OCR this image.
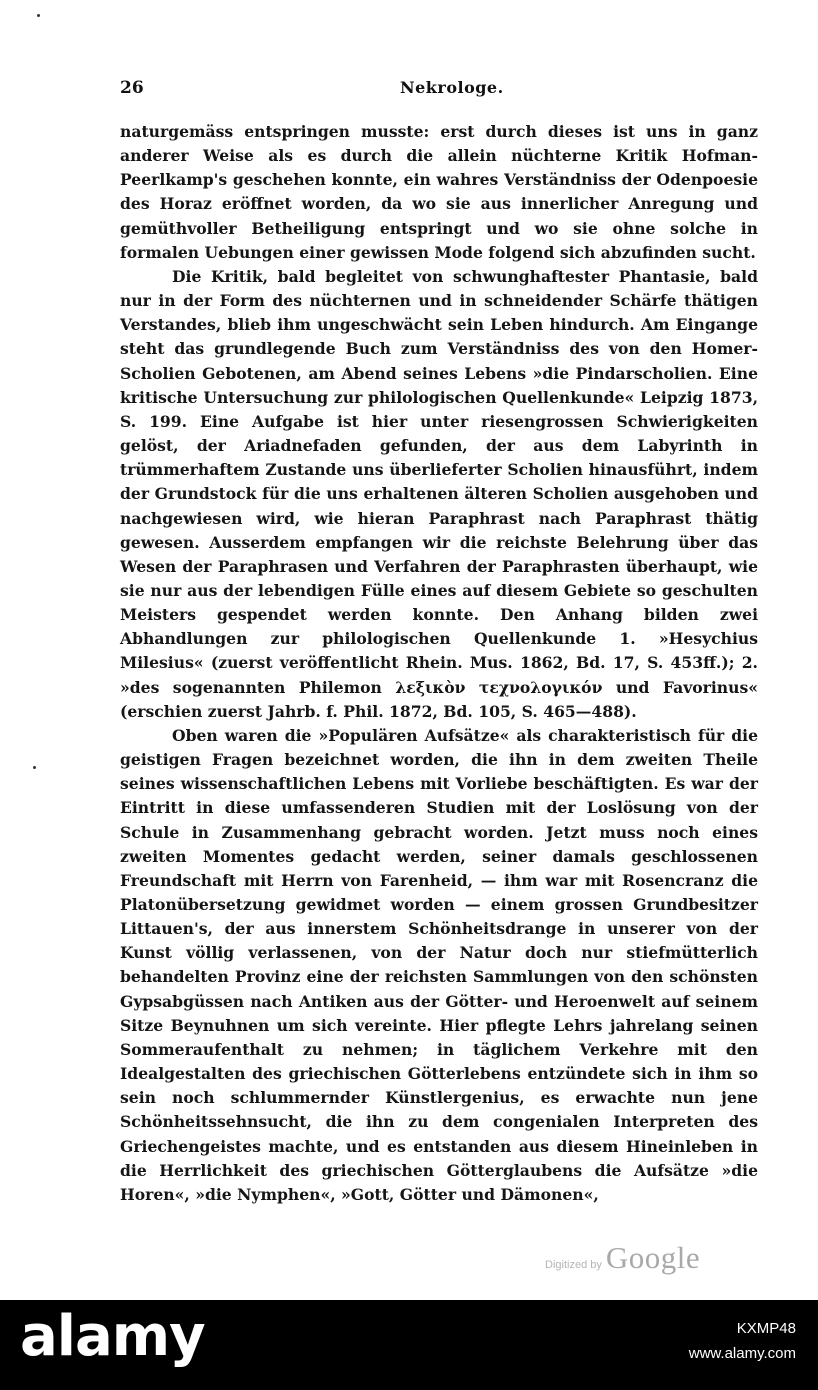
26	Nekrologe.

naturgemäss entspringen musste: erst durch dieses ist uns in ganz anderer Weise als es durch die allein nüchterne Kritik Hofman-Peerlkamp's geschehen konnte, ein wahres Verständniss der Odenpoesie des Horaz eröffnet worden, da wo sie aus innerlicher Anregung und gemüthvoller Betheiligung entspringt und wo sie ohne solche in formalen Uebungen einer gewissen Mode folgend sich abzufinden sucht.

Die Kritik, bald begleitet von schwunghaftester Phantasie, bald nur in der Form des nüchternen und in schneidender Schärfe thätigen Verstandes, blieb ihm ungeschwächt sein Leben hindurch. Am Eingange steht das grundlegende Buch zum Verständniss des von den Homer-Scholien Gebotenen, am Abend seines Lebens »die Pindarscholien. Eine kritische Untersuchung zur philologischen Quellenkunde« Leipzig 1873, S. 199. Eine Aufgabe ist hier unter riesengrossen Schwierigkeiten gelöst, der Ariadnefaden gefunden, der aus dem Labyrinth in trümmerhaftem Zustande uns überlieferter Scholien hinausführt, indem der Grundstock für die uns erhaltenen älteren Scholien ausgehoben und nachgewiesen wird, wie hieran Paraphrast nach Paraphrast thätig gewesen. Ausserdem empfangen wir die reichste Belehrung über das Wesen der Paraphrasen und Verfahren der Paraphrasten überhaupt, wie sie nur aus der lebendigen Fülle eines auf diesem Gebiete so geschulten Meisters gespendet werden konnte. Den Anhang bilden zwei Abhandlungen zur philologischen Quellenkunde 1. »Hesychius Milesius« (zuerst veröffentlicht Rhein. Mus. 1862, Bd. 17, S. 453ff.); 2. »des sogenannten Philemon λεξικὸν τεχνολογικόν und Favorinus« (erschien zuerst Jahrb. f. Phil. 1872, Bd. 105, S. 465—488).

Oben waren die »Populären Aufsätze« als charakteristisch für die geistigen Fragen bezeichnet worden, die ihn in dem zweiten Theile seines wissenschaftlichen Lebens mit Vorliebe beschäftigten. Es war der Eintritt in diese umfassenderen Studien mit der Loslösung von der Schule in Zusammenhang gebracht worden. Jetzt muss noch eines zweiten Momentes gedacht werden, seiner damals geschlossenen Freundschaft mit Herrn von Farenheid, — ihm war mit Rosencranz die Platonübersetzung gewidmet worden — einem grossen Grundbesitzer Littauen's, der aus innerstem Schönheitsdrange in unserer von der Kunst völlig verlassenen, von der Natur doch nur stiefmütterlich behandelten Provinz eine der reichsten Sammlungen von den schönsten Gypsabgüssen nach Antiken aus der Götter- und Heroenwelt auf seinem Sitze Beynuhnen um sich vereinte. Hier pflegte Lehrs jahrelang seinen Sommeraufenthalt zu nehmen; in täglichem Verkehre mit den Idealgestalten des griechischen Götterlebens entzündete sich in ihm so sein noch schlummernder Künstlergenius, es erwachte nun jene Schönheitssehnsucht, die ihn zu dem congenialen Interpreten des Griechengeistes machte, und es entstanden aus diesem Hineinleben in die Herrlichkeit des griechischen Götterglaubens die Aufsätze »die Horen«, »die Nymphen«, »Gott, Götter und Dämonen«,

Digitized by Google
alamy	KXMP48
www.alamy.com
